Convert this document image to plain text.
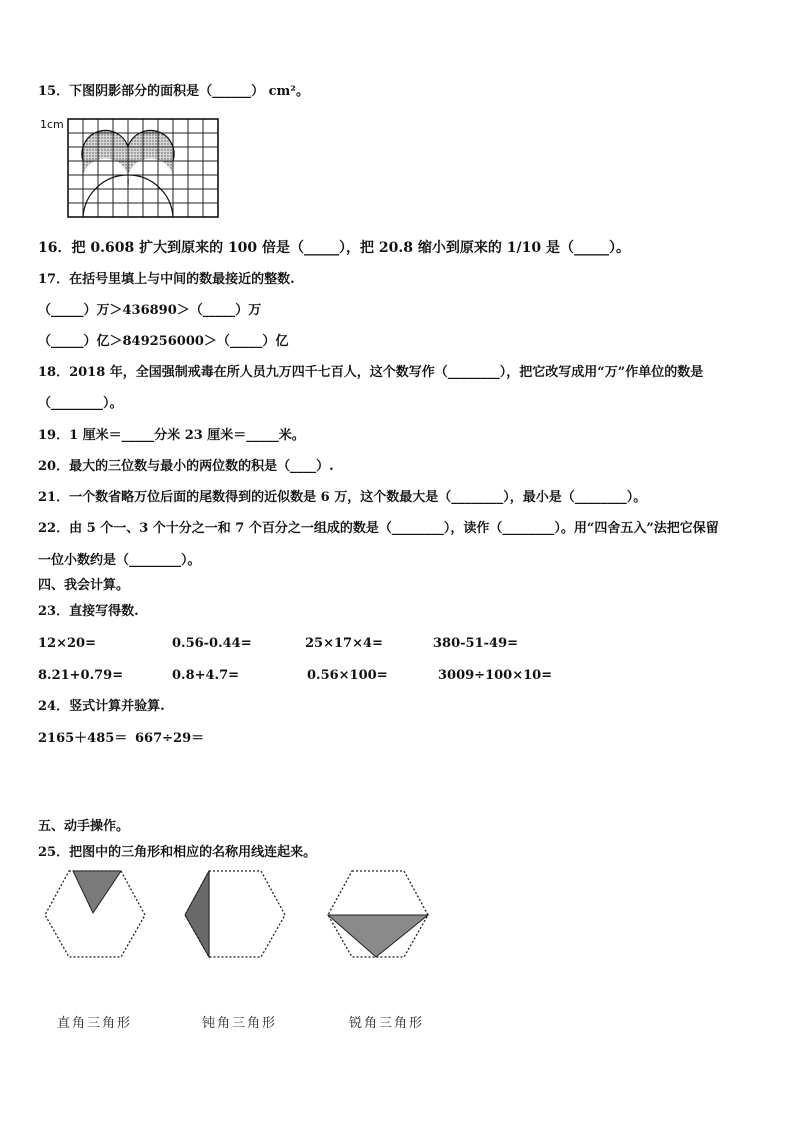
15．下图阴影部分的面积是（______） cm²。
1cm
16．把 0.608 扩大到原来的 100 倍是（_____），把 20.8 缩小到原来的 1/10 是（_____）。
17．在括号里填上与中间的数最接近的整数.
（_____）万＞436890＞（_____）万
（_____）亿＞849256000＞（_____）亿
18．2018 年，全国强制戒毒在所人员九万四千七百人，这个数写作（________），把它改写成用“万”作单位的数是
（________）。
19．1 厘米＝_____分米 23 厘米＝_____米。
20．最大的三位数与最小的两位数的积是（____）.
21．一个数省略万位后面的尾数得到的近似数是 6 万，这个数最大是（________），最小是（________）。
22．由 5 个一、3 个十分之一和 7 个百分之一组成的数是（________），读作（________）。用“四舍五入”法把它保留
一位小数约是（________）。
四、我会计算。
23．直接写得数.
12×20=	0.56-0.44=	25×17×4=	380-51-49=
8.21+0.79=	0.8+4.7=	0.56×100=	3009÷100×10=
24．竖式计算并验算.
2165＋485＝ 667÷29＝
五、动手操作。
25．把图中的三角形和相应的名称用线连起来。
直角三角形	钝角三角形	锐角三角形
